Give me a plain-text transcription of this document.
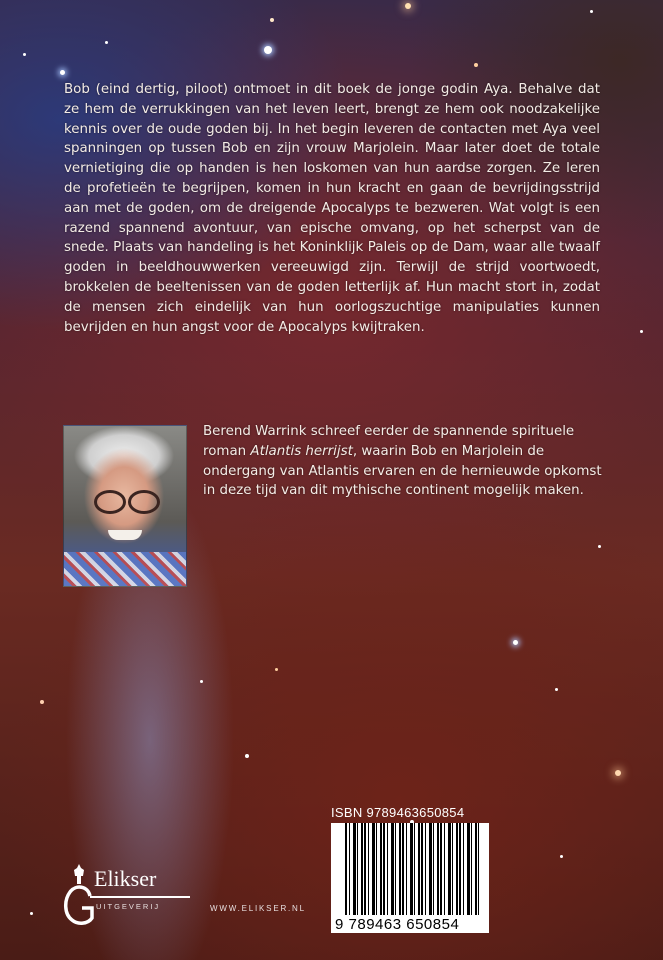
Bob (eind dertig, piloot) ontmoet in dit boek de jonge godin Aya. Behalve dat ze hem de verrukkingen van het leven leert, brengt ze hem ook noodzakelijke kennis over de oude goden bij. In het begin leveren de contacten met Aya veel spanningen op tussen Bob en zijn vrouw Marjolein. Maar later doet de totale vernietiging die op handen is hen loskomen van hun aardse zorgen. Ze leren de profetieën te begrijpen, komen in hun kracht en gaan de bevrijdingsstrijd aan met de goden, om de dreigende Apocalyps te bezweren. Wat volgt is een razend spannend avontuur, van epische omvang, op het scherpst van de snede. Plaats van handeling is het Koninklijk Paleis op de Dam, waar alle twaalf goden in beeldhouwwerken vereeuwigd zijn. Terwijl de strijd voortwoedt, brokkelen de beeltenissen van de goden letterlijk af. Hun macht stort in, zodat de mensen zich eindelijk van hun oorlogszuchtige manipulaties kunnen bevrijden en hun angst voor de Apocalyps kwijtraken.
Berend Warrink schreef eerder de spannende spirituele roman Atlantis herrijst, waarin Bob en Marjolein de ondergang van Atlantis ervaren en de hernieuwde opkomst in deze tijd van dit mythische continent mogelijk maken.
ISBN 9789463650854
9 789463 650854
Elikser
UITGEVERIJ	WWW.ELIKSER.NL
